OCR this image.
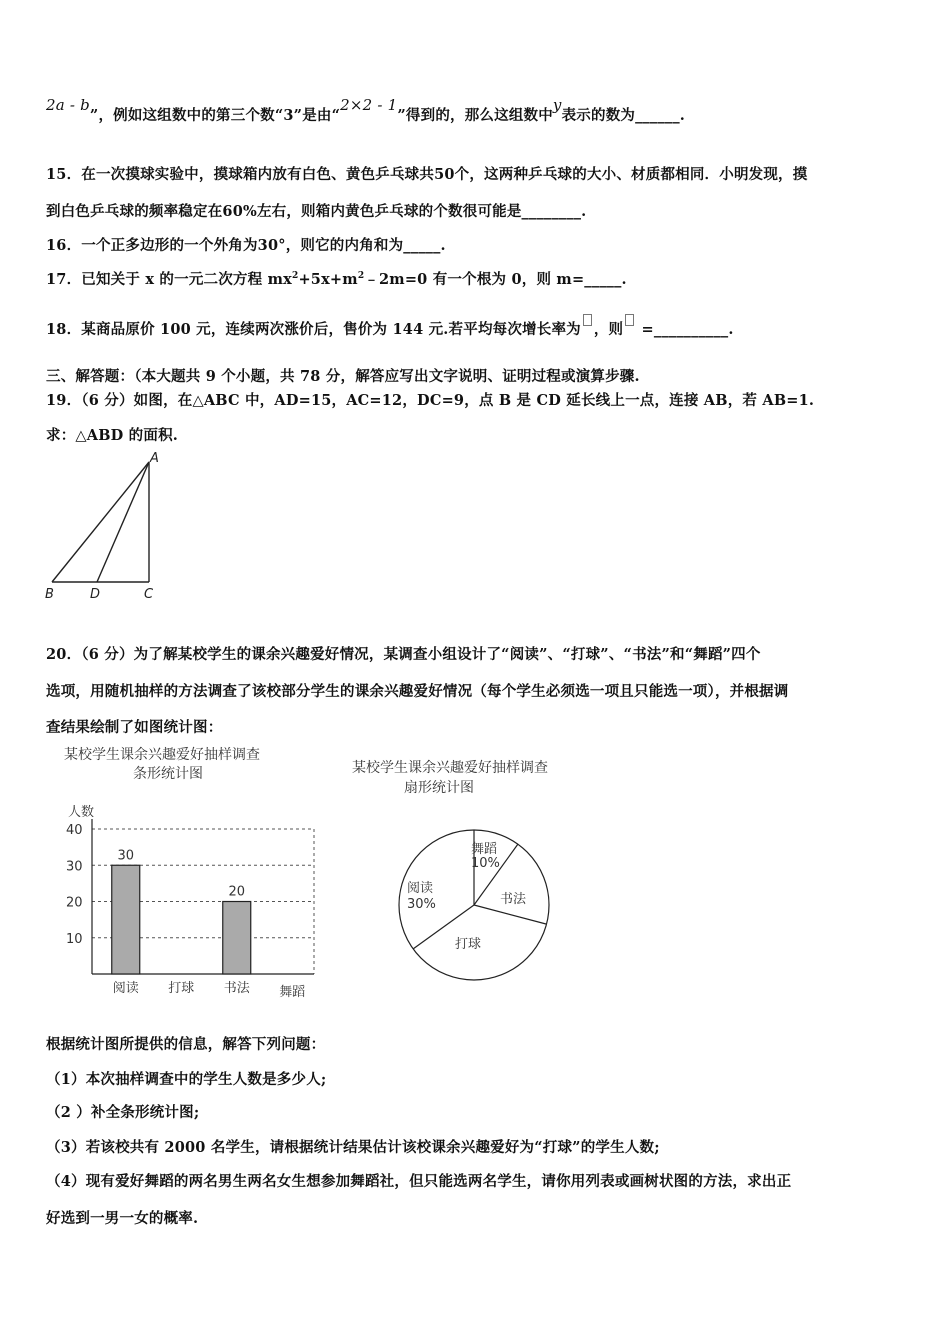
2a - b”，例如这组数中的第三个数“3”是由“2×2 - 1”得到的，那么这组数中y表示的数为______.
15．在一次摸球实验中，摸球箱内放有白色、黄色乒乓球共50个，这两种乒乓球的大小、材质都相同．小明发现，摸
到白色乒乓球的频率稳定在60%左右，则箱内黄色乒乓球的个数很可能是________.
16．一个正多边形的一个外角为30°，则它的内角和为_____.
17．已知关于 x 的一元二次方程 $mx^2+5x+m^2﹣2m=0$ 有一个根为 0，则 m=_____.
18．某商品原价 100 元，连续两次涨价后，售价为 144 元.若平均每次增长率为 ，则 =__________.
三、解答题：（本大题共 9 个小题，共 78 分，解答应写出文字说明、证明过程或演算步骤.
19．（6 分）如图，在△ABC 中，AD=15，AC=12，DC=9，点 B 是 CD 延长线上一点，连接 AB，若 AB=1.
求：△ABD 的面积.
A
B	D	C
20．（6 分）为了解某校学生的课余兴趣爱好情况，某调查小组设计了“阅读”、“打球”、“书法”和“舞蹈”四个
选项，用随机抽样的方法调查了该校部分学生的课余兴趣爱好情况（每个学生必须选一项且只能选一项），并根据调
查结果绘制了如图统计图：
某校学生课余兴趣爱好抽样调查
条形统计图
人数
10
20
30
40
30
阅读 打球
20
书法 舞蹈
某校学生课余兴趣爱好抽样调查
扇形统计图
舞蹈
10%
阅读
30%	书法
打球
根据统计图所提供的信息，解答下列问题：
（1）本次抽样调查中的学生人数是多少人;
（2 ）补全条形统计图;
（3）若该校共有 2000 名学生，请根据统计结果估计该校课余兴趣爱好为“打球”的学生人数;
（4）现有爱好舞蹈的两名男生两名女生想参加舞蹈社，但只能选两名学生，请你用列表或画树状图的方法，求出正
好选到一男一女的概率.
